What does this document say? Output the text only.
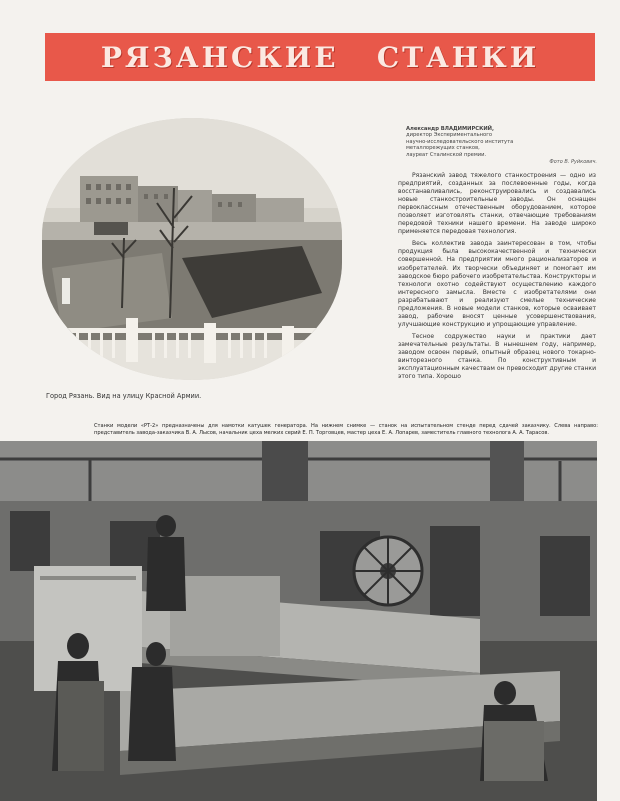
РЯЗАНСКИЕ   СТАНКИ
Город Рязань. Вид на улицу Красной Армии.
Александр ВЛАДИМИРСКИЙ,
директор Экспериментального
научно-исследовательского института
металлорежущих станков,
лауреат Сталинской премии.
Фото В. Руйкович.

Рязанский завод тяжелого станкостроения — одно из предприятий, созданных за послевоенные годы, когда восстанавливались, реконструировались и создавались новые станкостроительные заводы. Он оснащен первоклассным отечественным оборудованием, которое позволяет изготовлять станки, отвечающие требованиям передовой техники нашего времени. На заводе широко применяется передовая технология.

Весь коллектив завода заинтересован в том, чтобы продукция была высококачественной и технически совершенной. На предприятии много рационализаторов и изобретателей. Их творчески объединяет и помогает им заводское бюро рабочего изобретательства. Конструкторы и технологи охотно содействуют осуществлению каждого интересного замысла. Вместе с изобретателями они разрабатывают и реализуют смелые технические предложения. В новые модели станков, которые осваивает завод, рабочие вносят ценные усовершенствования, улучшающие конструкцию и упрощающие управление.

Тесное содружество науки и практики дает замечательные результаты. В нынешнем году, например, заводом освоен первый, опытный образец нового токарно-винторезного станка. По конструктивным и эксплуатационным качествам он превосходит другие станки этого типа. Хорошо

Станки модели «РТ-2» предназначены для намотки катушек генератора. На нижнем снимке — станок на испытательном стенде перед сдачей заказчику. Слева направо: представитель завода-заказчика В. А. Лысов, начальник цеха мелких серий Е. П. Торговцев, мастер цеха Е. А. Лопарев, заместитель главного технолога А. А. Тарасов.
